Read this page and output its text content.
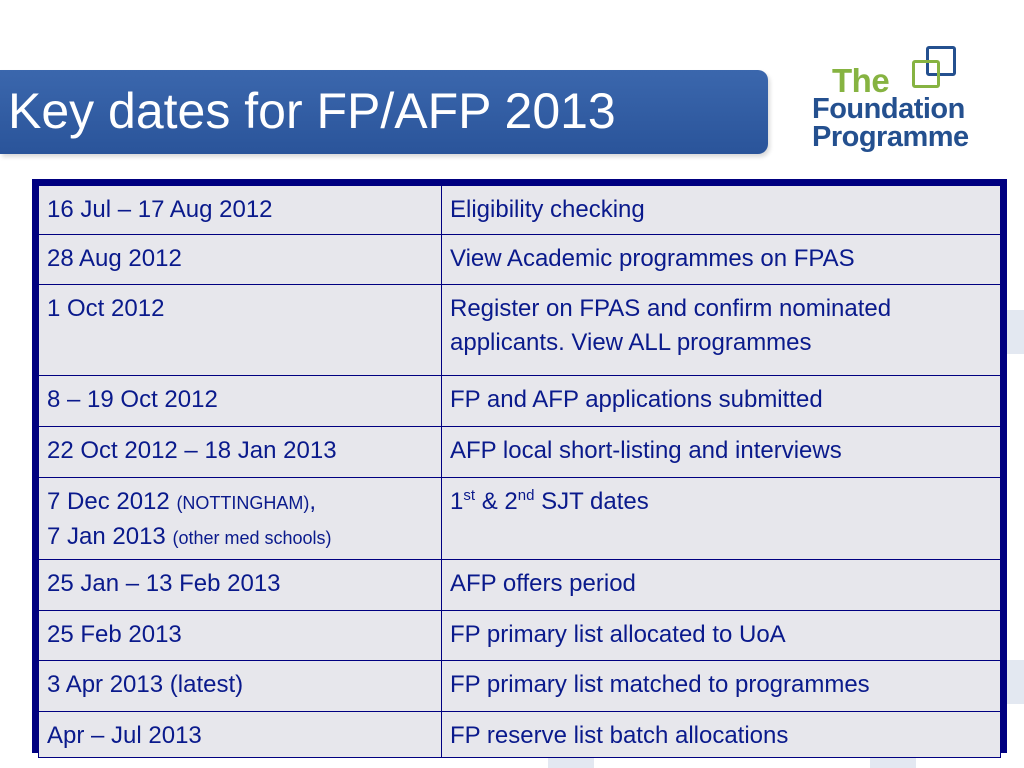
Key dates for FP/AFP 2013
The
Foundation
Programme
16 Jul – 17 Aug 2012	Eligibility checking
28 Aug 2012	View Academic programmes on FPAS
1 Oct 2012	Register on FPAS and confirm nominated applicants. View ALL programmes
8 – 19 Oct 2012	FP and AFP applications submitted
22 Oct 2012 – 18 Jan 2013	AFP local short-listing and interviews
7 Dec 2012 (NOTTINGHAM),
7 Jan 2013 (other med schools)	1st & 2nd SJT dates
25 Jan – 13 Feb 2013	AFP offers period
25 Feb 2013	FP primary list allocated to UoA
3 Apr 2013 (latest)	FP primary list matched to programmes
Apr – Jul 2013	FP reserve list batch allocations
